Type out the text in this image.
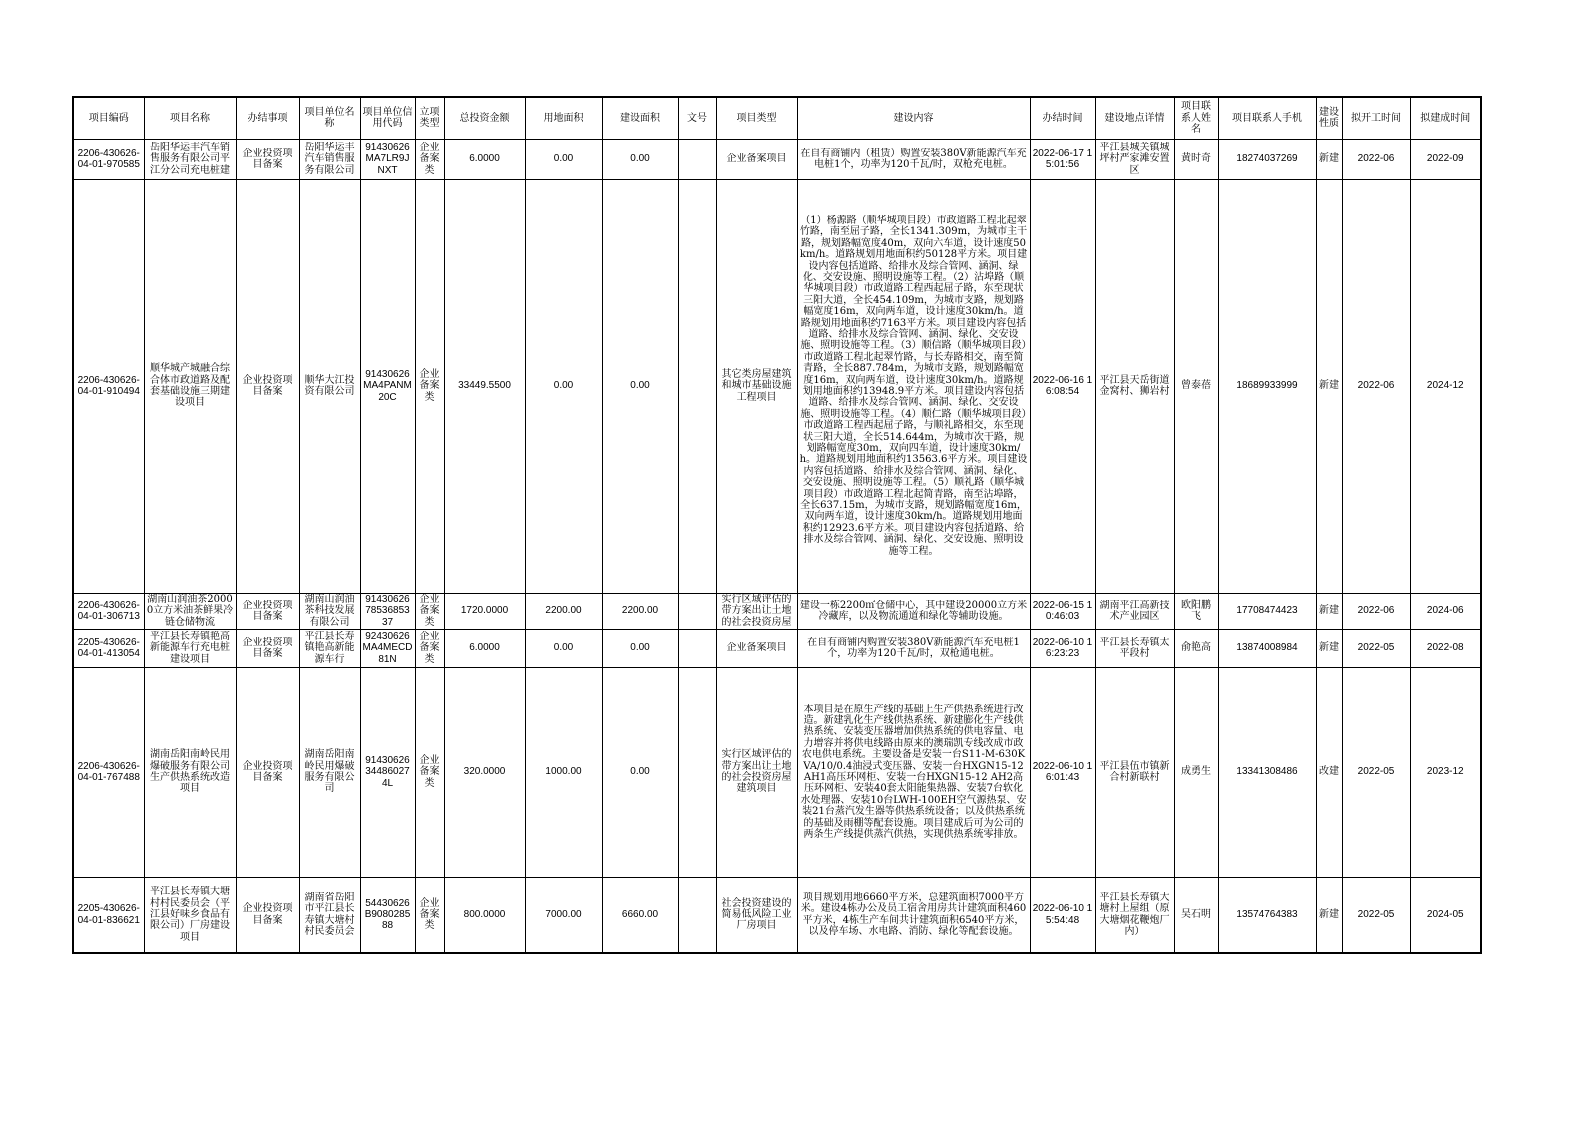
项目编码	项目名称	办结事项	项目单位名称	项目单位信用代码	立项类型	总投资金额	用地面积	建设面积	文号	项目类型	建设内容	办结时间	建设地点详情	项目联系人姓名	项目联系人手机	建设性质	拟开工时间	拟建成时间

2206-430626-04-01-970585	岳阳华运丰汽车销售服务有限公司平江分公司充电桩建	企业投资项目备案	岳阳华运丰汽车销售服务有限公司	91430626MA7LR9JNXT	企业备案类	6.0000	0.00	0.00		企业备案项目	在自有商铺内（租赁）购置安装380V新能源汽车充电桩1个，功率为120千瓦/时，双枪充电桩。	2022-06-17 15:01:56	平江县城关镇城坪村严家滩安置区	黄时奇	18274037269	新建	2022-06	2022-09
2206-430626-04-01-910494	顺华城产城融合综合体市政道路及配套基础设施三期建设项目	企业投资项目备案	顺华大江投资有限公司	91430626MA4PANM20C	企业备案类	33449.5500	0.00	0.00		其它类房屋建筑和城市基础设施工程项目	（1）杨源路（顺华城项目段）市政道路工程北起翠竹路，南至屈子路，全长1341.309m，为城市主干路，规划路幅宽度40m，双向六车道，设计速度50km/h。道路规划用地面积约50128平方米。项目建设内容包括道路、给排水及综合管网、涵洞、绿化、交安设施、照明设施等工程。（2）沾埠路（顺华城项目段）市政道路工程西起屈子路，东至现状三阳大道，全长454.109m，为城市支路，规划路幅宽度16m，双向两车道，设计速度30km/h。道路规划用地面积约7163平方米。项目建设内容包括道路、给排水及综合管网、涵洞、绿化、交安设施、照明设施等工程。（3）顺信路（顺华城项目段）市政道路工程北起翠竹路，与长寿路相交，南至简青路，全长887.784m，为城市支路，规划路幅宽度16m，双向两车道，设计速度30km/h。道路规划用地面积约13948.9平方米。项目建设内容包括道路、给排水及综合管网、涵洞、绿化、交安设施、照明设施等工程。（4）顺仁路（顺华城项目段）市政道路工程西起屈子路，与顺礼路相交，东至现状三阳大道，全长514.644m，为城市次干路，规划路幅宽度30m，双向四车道，设计速度30km/h。道路规划用地面积约13563.6平方米。项目建设内容包括道路、给排水及综合管网、涵洞、绿化、交安设施、照明设施等工程。（5）顺礼路（顺华城项目段）市政道路工程北起简青路，南至沾埠路，全长637.15m，为城市支路，规划路幅宽度16m，双向两车道，设计速度30km/h。道路规划用地面积约12923.6平方米。项目建设内容包括道路、给排水及综合管网、涵洞、绿化、交安设施、照明设施等工程。	2022-06-16 16:08:54	平江县天岳街道金窝村、狮岩村	曾泰蓓	18689933999	新建	2022-06	2024-12

2206-430626-04-01-306713	湖南山润油茶20000立方米油茶鲜果冷链仓储物流	企业投资项目备案	湖南山润油茶科技发展有限公司	914306267853685337	企业备案类	1720.0000	2200.00	2200.00		实行区域评估的带方案出让土地的社会投资房屋	建设一栋2200㎡仓储中心，其中建设20000立方米冷藏库，以及物流通道和绿化等辅助设施。	2022-06-15 10:46:03	湖南平江高新技术产业园区	欧阳鹏飞	17708474423	新建	2022-06	2024-06

2205-430626-04-01-413054	平江县长寿镇艳高新能源车行充电桩建设项目	企业投资项目备案	平江县长寿镇艳高新能源车行	92430626MA4MECD81N	企业备案类	6.0000	0.00	0.00		企业备案项目	在自有商铺内购置安装380V新能源汽车充电桩1个，功率为120千瓦/时，双枪通电桩。	2022-06-10 16:23:23	平江县长寿镇太平段村	俞艳高	13874008984	新建	2022-05	2022-08
2206-430626-04-01-767488	湖南岳阳南岭民用爆破服务有限公司生产供热系统改造项目	企业投资项目备案	湖南岳阳南岭民用爆破服务有限公司	9143062634486027 4L	企业备案类	320.0000	1000.00	0.00		实行区域评估的带方案出让土地的社会投资房屋建筑项目	本项目是在原生产线的基础上生产供热系统进行改造。新建乳化生产线供热系统、新建膨化生产线供热系统、安装变压器增加供热系统的供电容量、电力增容并将供电线路由原来的澳瑞凯专线改成市政农电供电系统。主要设备是安装一台S11-M-630KVA/10/0.4油浸式变压器、安装一台HXGN15-12 AH1高压环网柜、安装一台HXGN15-12 AH2高压环网柜、安装40套太阳能集热器、安装7台软化水处理器、安装10台LWH-100EH空气源热泵、安装21台蒸汽发生器等供热系统设备；以及供热系统的基础及雨棚等配套设施。项目建成后可为公司的两条生产线提供蒸汽供热，实现供热系统零排放。	2022-06-10 16:01:43	平江县伍市镇新合村新联村	成勇生	13341308486	改建	2022-05	2023-12
2205-430626-04-01-836621	平江县长寿镇大塘村村民委员会（平江县好味乡食品有限公司）厂房建设项目	企业投资项目备案	湖南省岳阳市平江县长寿镇大塘村村民委员会	54430626B908028588	企业备案类	800.0000	7000.00	6660.00		社会投资建设的简易低风险工业厂房项目	项目规划用地6660平方米，总建筑面积7000平方米。建设4栋办公及员工宿舍用房共计建筑面积460平方米，4栋生产车间共计建筑面积6540平方米，以及停车场、水电路、消防、绿化等配套设施。	2022-06-10 15:54:48	平江县长寿镇大塘村上屋组（原大塘烟花鞭炮厂内）	吴石明	13574764383	新建	2022-05	2024-05
